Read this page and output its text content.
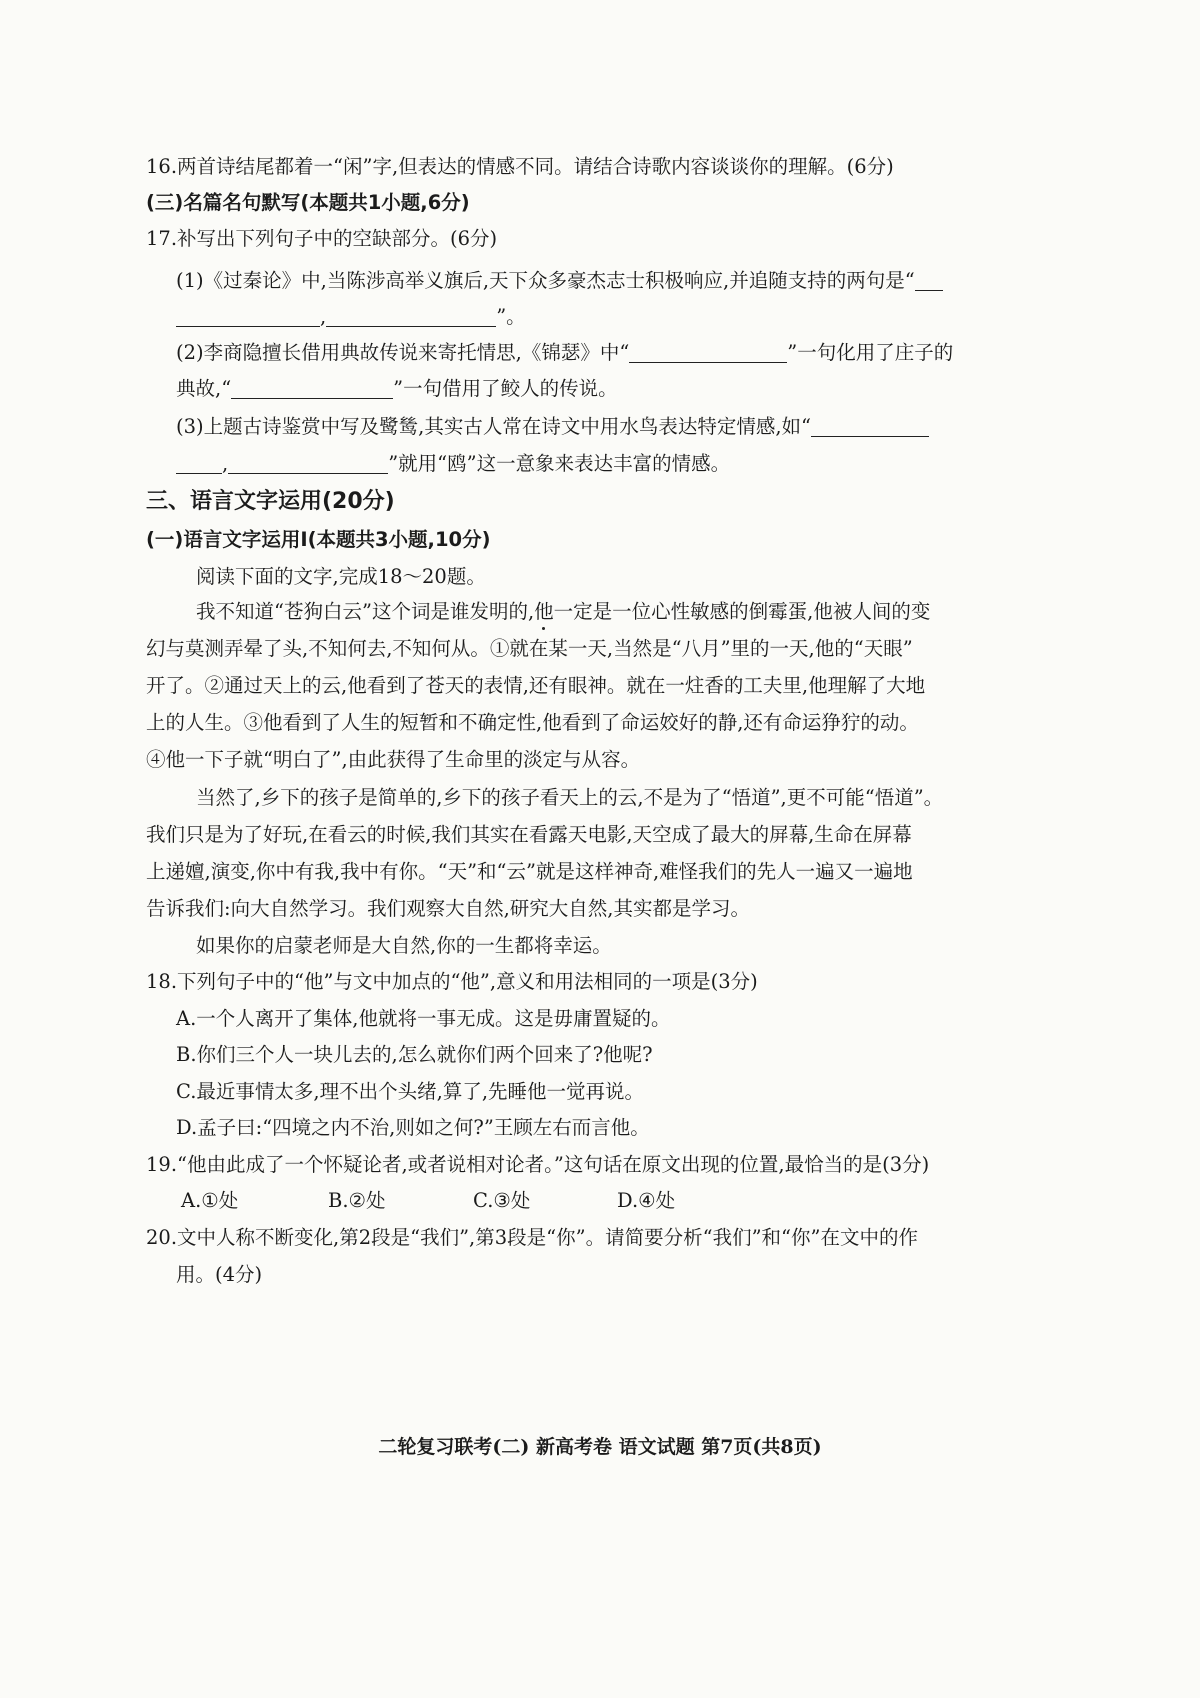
16.两首诗结尾都着一“闲”字,但表达的情感不同。请结合诗歌内容谈谈你的理解。(6分)
(三)名篇名句默写(本题共1小题,6分)
17.补写出下列句子中的空缺部分。(6分)
(1)《过秦论》中,当陈涉高举义旗后,天下众多豪杰志士积极响应,并追随支持的两句是“
,	”。
(2)李商隐擅长借用典故传说来寄托情思,《锦瑟》中“	”一句化用了庄子的
典故,“	”一句借用了鲛人的传说。
(3)上题古诗鉴赏中写及鹭鸶,其实古人常在诗文中用水鸟表达特定情感,如“
,	”就用“鸥”这一意象来表达丰富的情感。
三、语言文字运用(20分)
(一)语言文字运用Ⅰ(本题共3小题,10分)
阅读下面的文字,完成18～20题。
我不知道“苍狗白云”这个词是谁发明的,他一定是一位心性敏感的倒霉蛋,他被人间的变
幻与莫测弄晕了头,不知何去,不知何从。①就在某一天,当然是“八月”里的一天,他的“天眼”
开了。②通过天上的云,他看到了苍天的表情,还有眼神。就在一炷香的工夫里,他理解了大地
上的人生。③他看到了人生的短暂和不确定性,他看到了命运姣好的静,还有命运狰狞的动。
④他一下子就“明白了”,由此获得了生命里的淡定与从容。
当然了,乡下的孩子是简单的,乡下的孩子看天上的云,不是为了“悟道”,更不可能“悟道”。
我们只是为了好玩,在看云的时候,我们其实在看露天电影,天空成了最大的屏幕,生命在屏幕
上递嬗,演变,你中有我,我中有你。“天”和“云”就是这样神奇,难怪我们的先人一遍又一遍地
告诉我们:向大自然学习。我们观察大自然,研究大自然,其实都是学习。
如果你的启蒙老师是大自然,你的一生都将幸运。
18.下列句子中的“他”与文中加点的“他”,意义和用法相同的一项是(3分)
A.一个人离开了集体,他就将一事无成。这是毋庸置疑的。
B.你们三个人一块儿去的,怎么就你们两个回来了?他呢?
C.最近事情太多,理不出个头绪,算了,先睡他一觉再说。
D.孟子曰:“四境之内不治,则如之何?”王顾左右而言他。
19.“他由此成了一个怀疑论者,或者说相对论者。”这句话在原文出现的位置,最恰当的是(3分)
A.①处	B.②处	C.③处	D.④处
20.文中人称不断变化,第2段是“我们”,第3段是“你”。请简要分析“我们”和“你”在文中的作
用。(4分)
二轮复习联考(二) 新高考卷 语文试题 第7页(共8页)
